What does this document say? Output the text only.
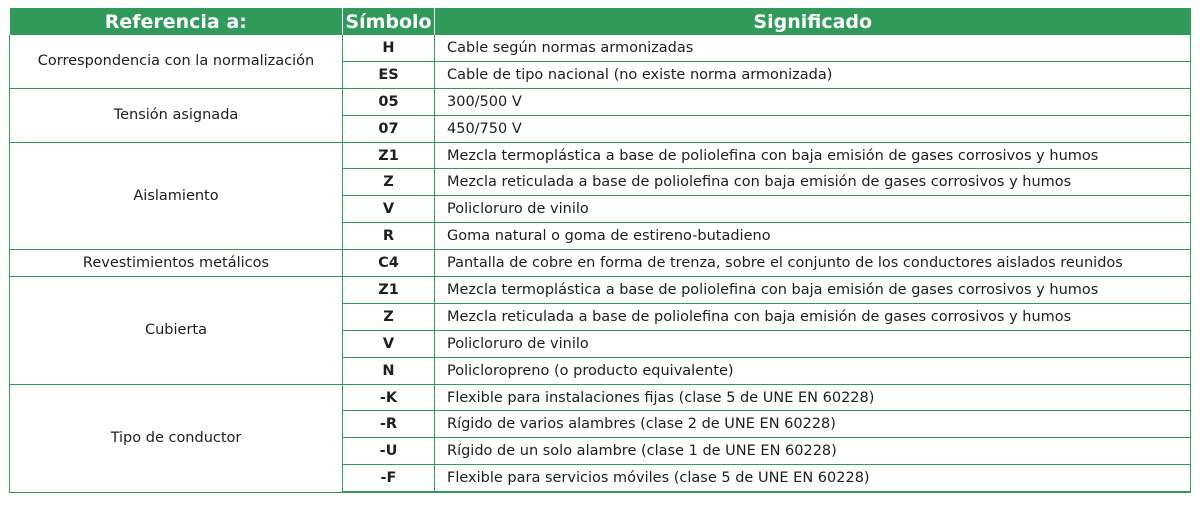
Referencia a:	Símbolo	Significado
Correspondencia con la normalización	H	Cable según normas armonizadas
	ES	Cable de tipo nacional (no existe norma armonizada)
Tensión asignada	05	300/500 V
	07	450/750 V
Aislamiento	Z1	Mezcla termoplástica a base de poliolefina con baja emisión de gases corrosivos y humos
	Z	Mezcla reticulada a base de poliolefina con baja emisión de gases corrosivos y humos
	V	Policloruro de vinilo
	R	Goma natural o goma de estireno-butadieno
Revestimientos metálicos	C4	Pantalla de cobre en forma de trenza, sobre el conjunto de los conductores aislados reunidos
Cubierta	Z1	Mezcla termoplástica a base de poliolefina con baja emisión de gases corrosivos y humos
	Z	Mezcla reticulada a base de poliolefina con baja emisión de gases corrosivos y humos
	V	Policloruro de vinilo
	N	Policloropreno (o producto equivalente)
Tipo de conductor	-K	Flexible para instalaciones fijas (clase 5 de UNE EN 60228)
	-R	Rígido de varios alambres (clase 2 de UNE EN 60228)
	-U	Rígido de un solo alambre (clase 1 de UNE EN 60228)
	-F	Flexible para servicios móviles (clase 5 de UNE EN 60228)
